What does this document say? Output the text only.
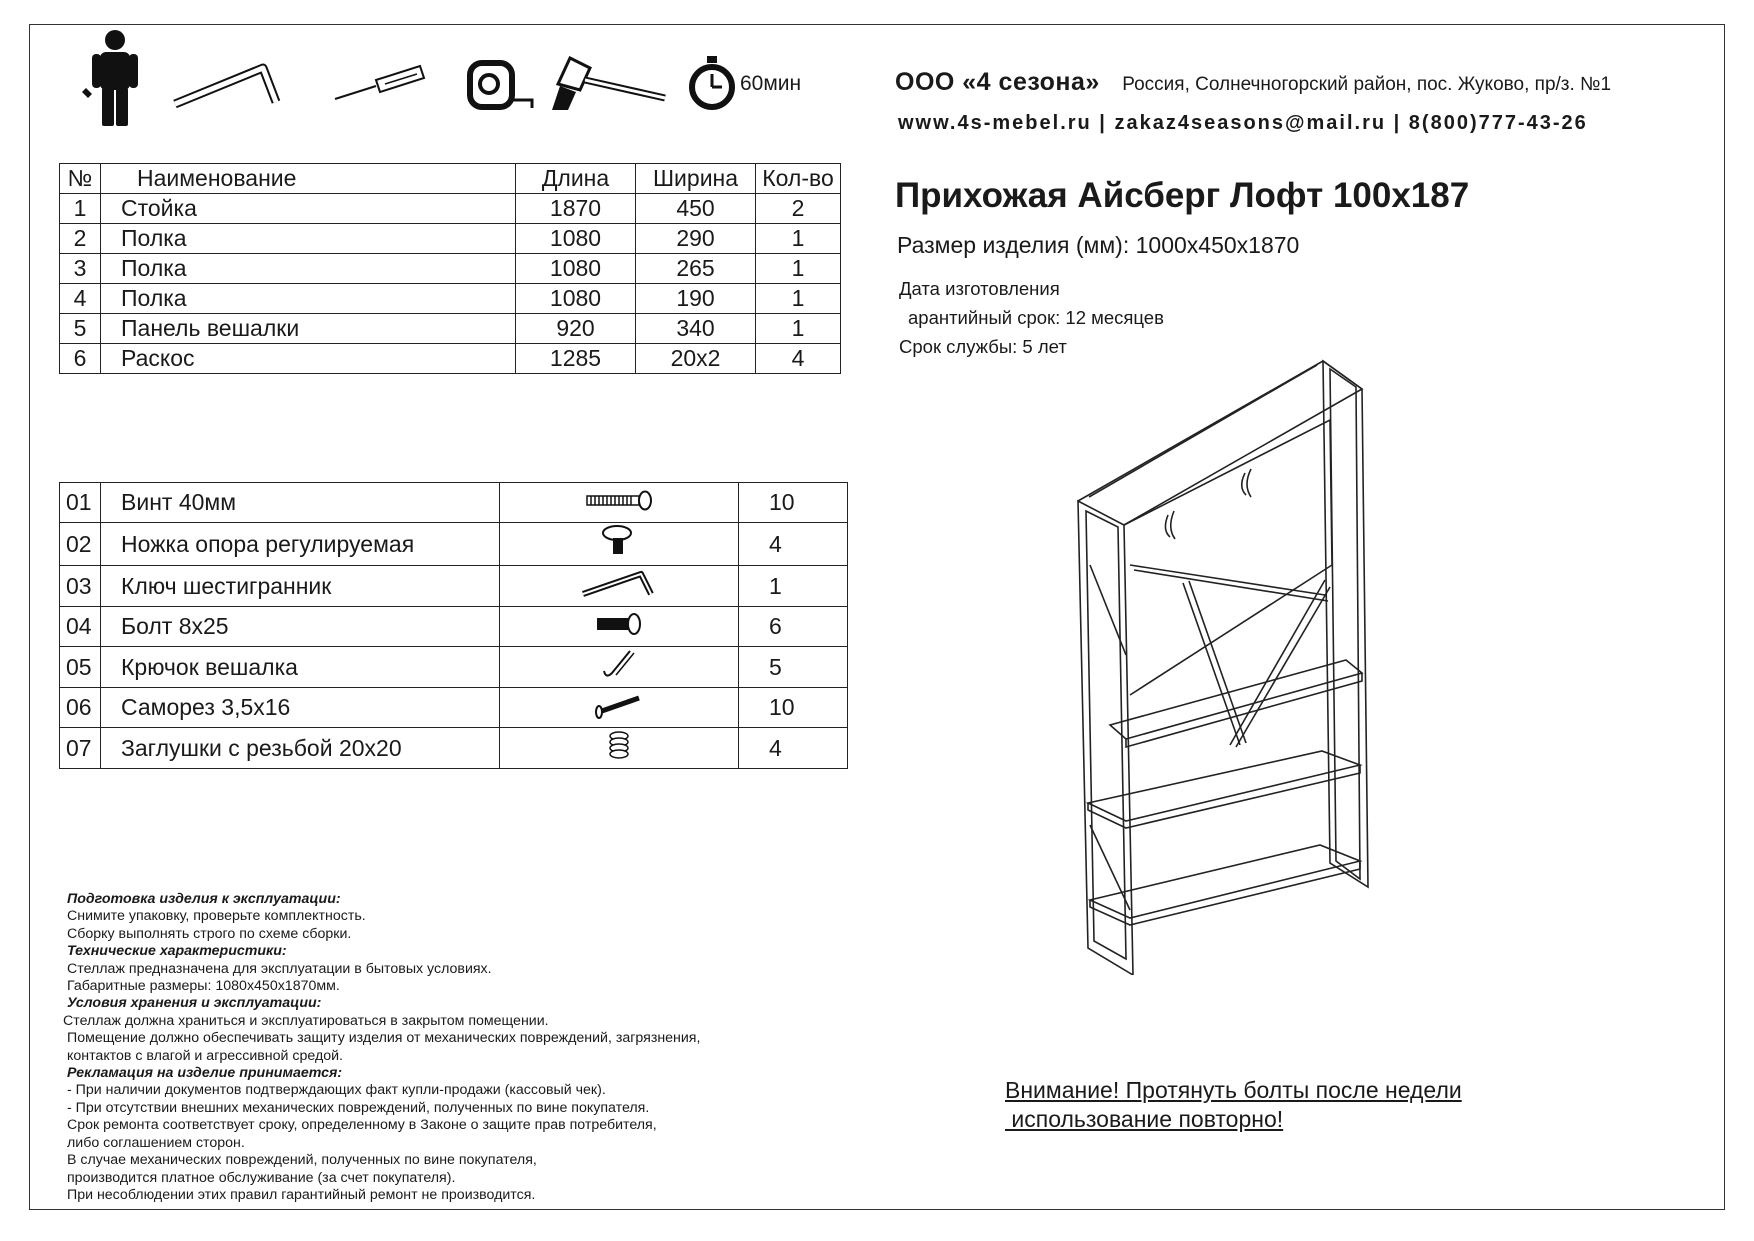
60мин	ООО «4 сезона» Россия, Солнечногорский район, пос. Жуково, пр/з. №1
www.4s-mebel.ru | zakaz4seasons@mail.ru | 8(800)777-43-26
Прихожая Айсберг Лофт 100х187
Размер изделия (мм): 1000х450х1870
Дата изготовления
арантийный срок: 12 месяцев
Срок службы: 5 лет
№	Наименование	Длина	Ширина	Кол-во
1	Стойка	1870	450	2
2	Полка	1080	290	1
3	Полка	1080	265	1
4	Полка	1080	190	1
5	Панель вешалки	920	340	1
6	Раскос	1285	20х2	4
01	Винт 40мм		10
02	Ножка опора регулируемая		4
03	Ключ шестигранник		1
04	Болт 8х25		6
05	Крючок вешалка		5
06	Саморез 3,5х16		10
07	Заглушки с резьбой 20х20		4
Подготовка изделия к эксплуатации:
Снимите упаковку, проверьте комплектность.
Сборку выполнять строго по схеме сборки.
Технические характеристики:
Стеллаж предназначена для эксплуатации в бытовых условиях.
Габаритные размеры: 1080х450х1870мм.
Условия хранения и эксплуатации:
Стеллаж должна храниться и эксплуатироваться в закрытом помещении.
Помещение должно обеспечивать защиту изделия от механических повреждений, загрязнения,
контактов с влагой и агрессивной средой.
Рекламация на изделие принимается:
- При наличии документов подтверждающих факт купли-продажи (кассовый чек).
- При отсутствии внешних механических повреждений, полученных по вине покупателя.
Срок ремонта соответствует сроку, определенному в Законе о защите прав потребителя,
либо соглашением сторон.
В случае механических повреждений, полученных по вине покупателя,
производится платное обслуживание (за счет покупателя).
При несоблюдении этих правил гарантийный ремонт не производится.
Внимание! Протянуть болты после недели
использование повторно!
